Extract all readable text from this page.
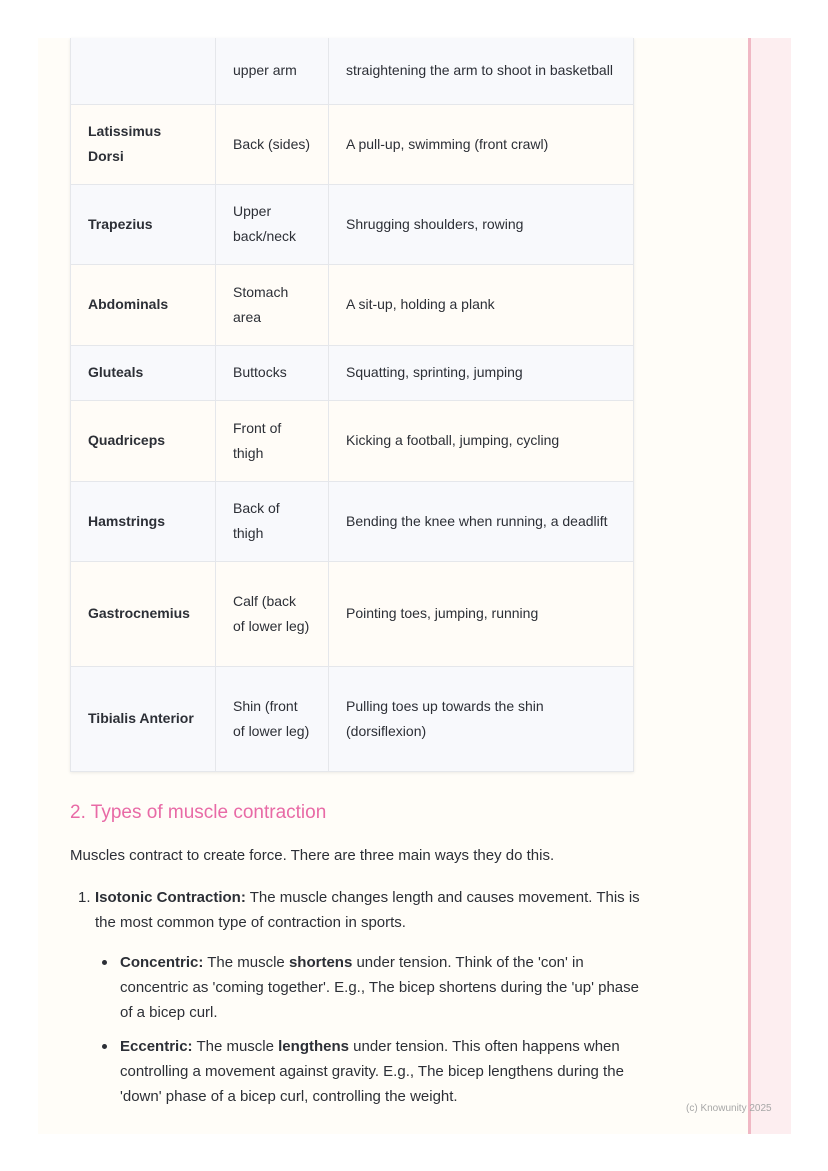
	upper arm	straightening the arm to shoot in basketball
Latissimus Dorsi	Back (sides)	A pull-up, swimming (front crawl)
Trapezius	Upper back/neck	Shrugging shoulders, rowing
Abdominals	Stomach area	A sit-up, holding a plank
Gluteals	Buttocks	Squatting, sprinting, jumping
Quadriceps	Front of thigh	Kicking a football, jumping, cycling
Hamstrings	Back of thigh	Bending the knee when running, a deadlift
Gastrocnemius	Calf (back of lower leg)	Pointing toes, jumping, running
Tibialis Anterior	Shin (front of lower leg)	Pulling toes up towards the shin (dorsiflexion)
2. Types of muscle contraction

Muscles contract to create force. There are three main ways they do this.

1. Isotonic Contraction: The muscle changes length and causes movement. This is the most common type of contraction in sports.

Concentric: The muscle shortens under tension. Think of the 'con' in concentric as 'coming together'. E.g., The bicep shortens during the 'up' phase of a bicep curl.

Eccentric: The muscle lengthens under tension. This often happens when controlling a movement against gravity. E.g., The bicep lengthens during the 'down' phase of a bicep curl, controlling the weight.

(c) Knowunity 2025
